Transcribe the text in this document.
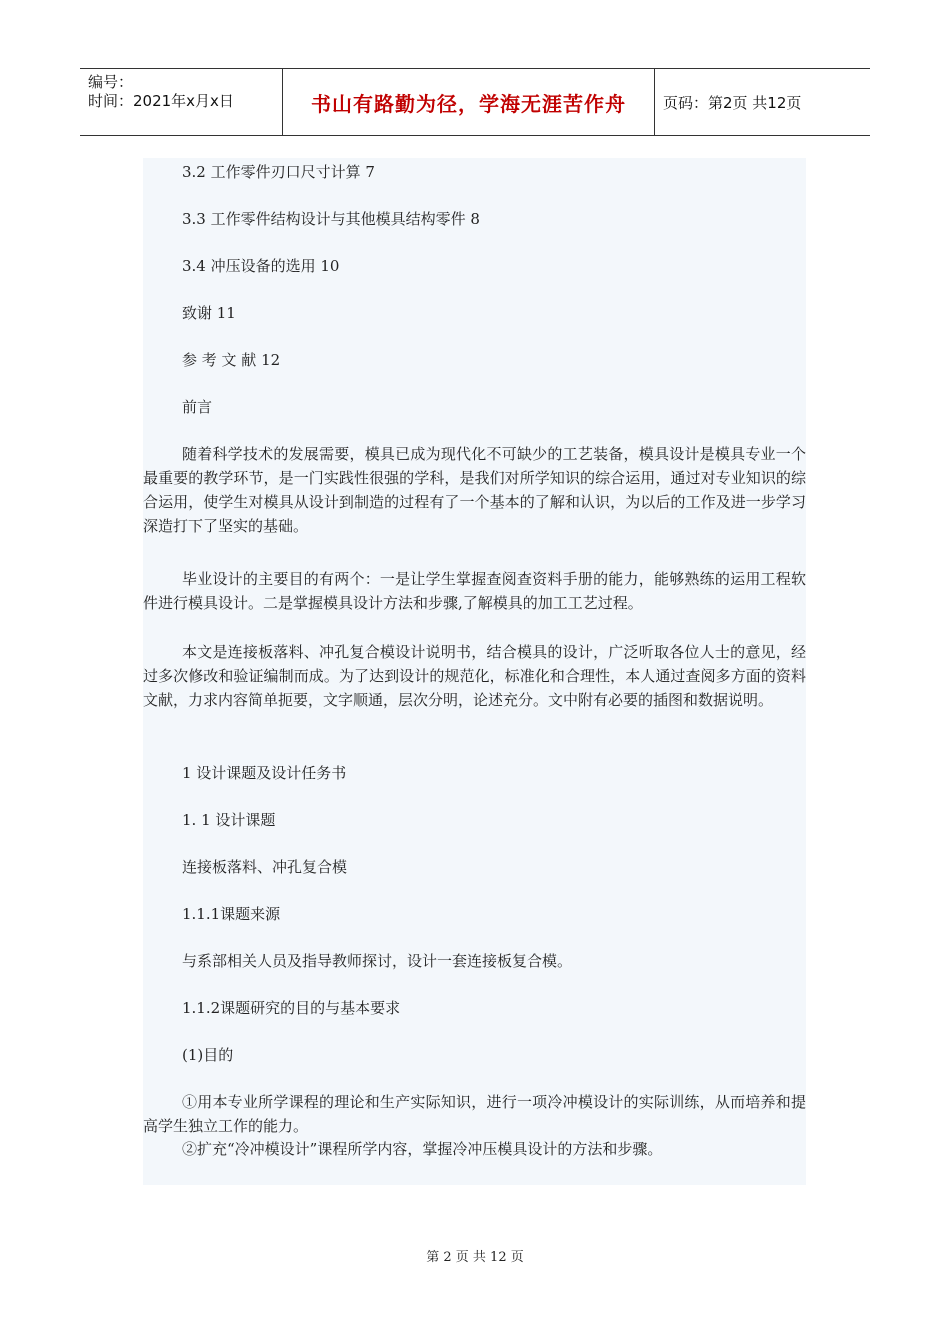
编号：
时间：2021年x月x日	书山有路勤为径，学海无涯苦作舟	页码：第2页 共12页
3.2 工作零件刃口尺寸计算 7
3.3 工作零件结构设计与其他模具结构零件 8
3.4 冲压设备的选用 10
致谢 11
参 考 文 献 12
前言
随着科学技术的发展需要，模具已成为现代化不可缺少的工艺装备，模具设计是模具专业一个最重要的教学环节，是一门实践性很强的学科，是我们对所学知识的综合运用，通过对专业知识的综合运用，使学生对模具从设计到制造的过程有了一个基本的了解和认识，为以后的工作及进一步学习深造打下了坚实的基础。
毕业设计的主要目的有两个：一是让学生掌握查阅查资料手册的能力，能够熟练的运用工程软件进行模具设计。二是掌握模具设计方法和步骤,了解模具的加工工艺过程。
本文是连接板落料、冲孔复合模设计说明书，结合模具的设计，广泛听取各位人士的意见，经过多次修改和验证编制而成。为了达到设计的规范化，标准化和合理性，本人通过查阅多方面的资料文献，力求内容简单扼要，文字顺通，层次分明，论述充分。文中附有必要的插图和数据说明。
1 设计课题及设计任务书
1. 1 设计课题
连接板落料、冲孔复合模
1.1.1课题来源
与系部相关人员及指导教师探讨，设计一套连接板复合模。
1.1.2课题研究的目的与基本要求
(1)目的
①用本专业所学课程的理论和生产实际知识，进行一项冷冲模设计的实际训练，从而培养和提高学生独立工作的能力。
②扩充“冷冲模设计”课程所学内容，掌握冷冲压模具设计的方法和步骤。
第 2 页 共 12 页
